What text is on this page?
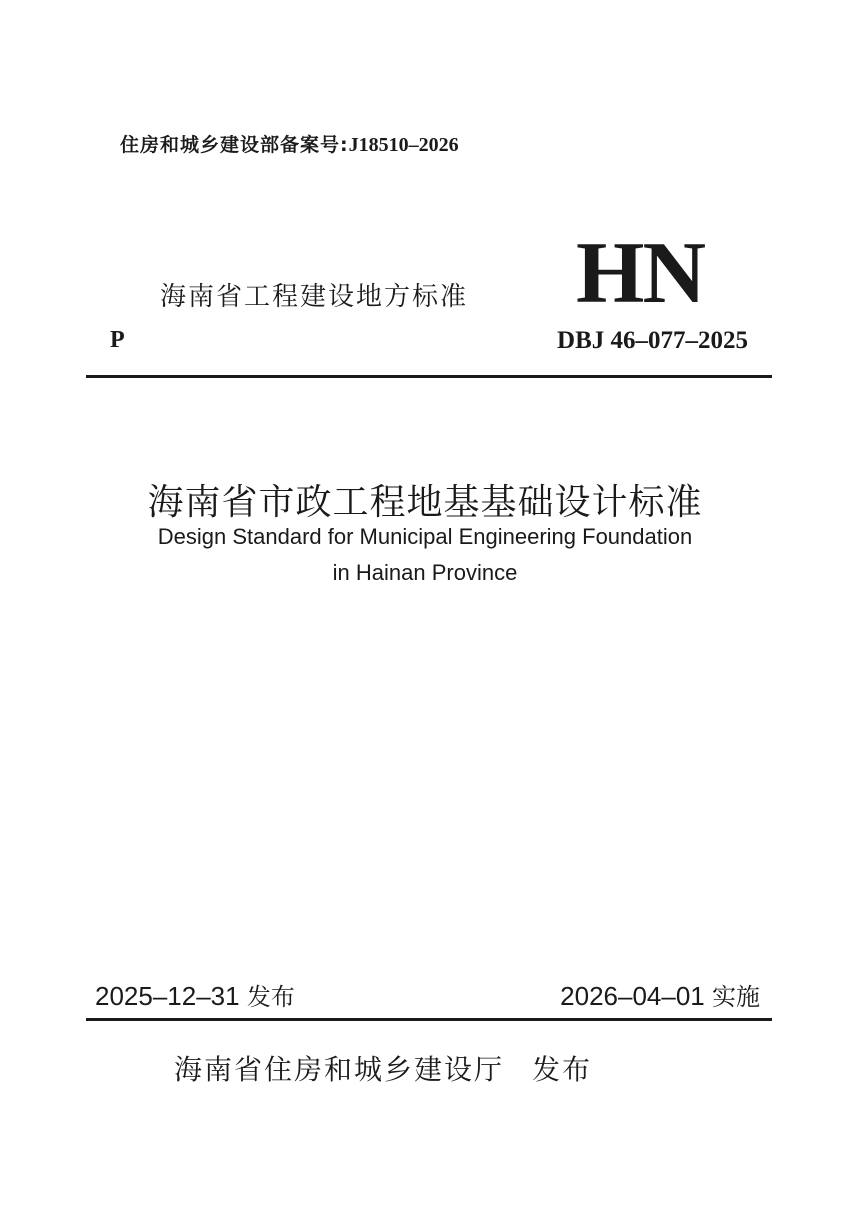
住房和城乡建设部备案号:J18510–2026
海南省工程建设地方标准 HN
P	DBJ 46–077–2025
海南省市政工程地基基础设计标准
Design Standard for Municipal Engineering Foundation
in Hainan Province
2025–12–31 发布	2026–04–01 实施
海南省住房和城乡建设厅 发布
